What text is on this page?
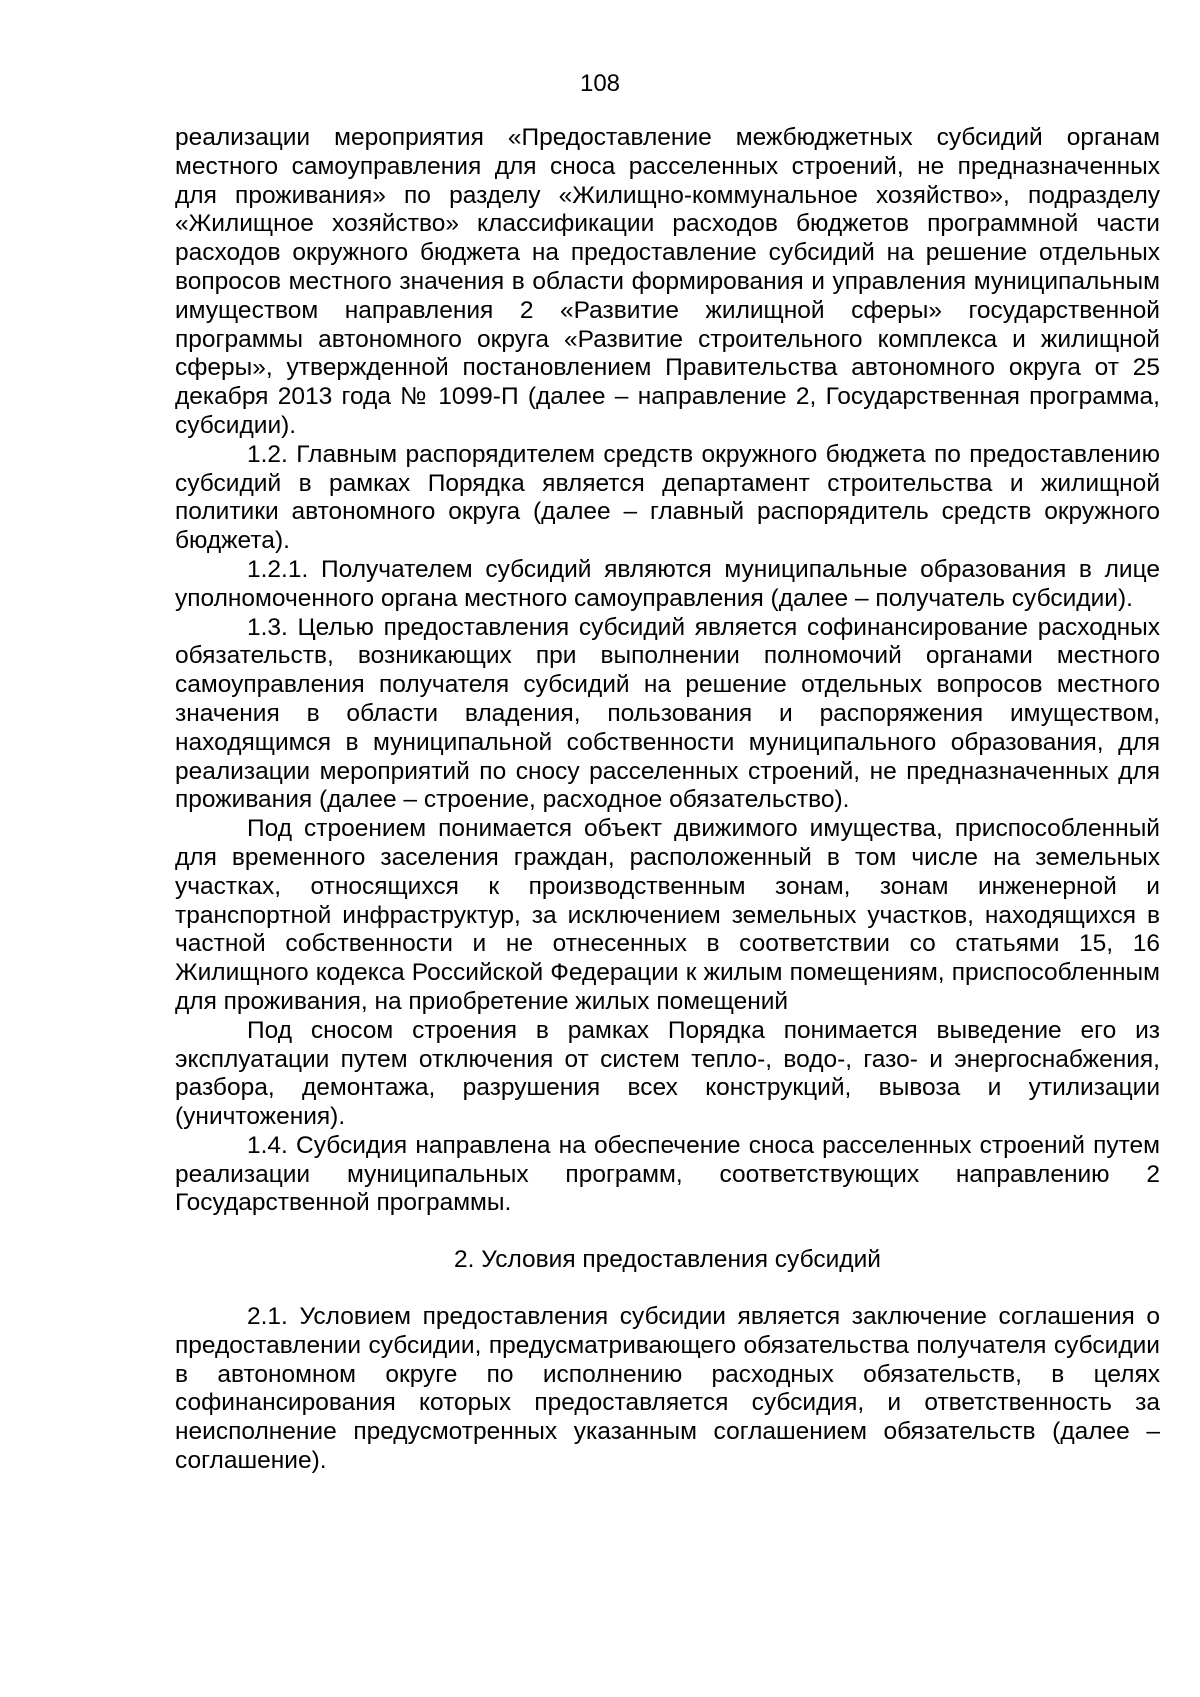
108

реализации мероприятия «Предоставление межбюджетных субсидий органам местного самоуправления для сноса расселенных строений, не предназначенных для проживания» по разделу «Жилищно-коммунальное хозяйство», подразделу «Жилищное хозяйство» классификации расходов бюджетов программной части расходов окружного бюджета на предоставление субсидий на решение отдельных вопросов местного значения в области формирования и управления муниципальным имуществом направления 2 «Развитие жилищной сферы» государственной программы автономного округа «Развитие строительного комплекса и жилищной сферы», утвержденной постановлением Правительства автономного округа от 25 декабря 2013 года № 1099-П (далее – направление 2, Государственная программа, субсидии).

1.2. Главным распорядителем средств окружного бюджета по предоставлению субсидий в рамках Порядка является департамент строительства и жилищной политики автономного округа (далее – главный распорядитель средств окружного бюджета).

1.2.1. Получателем субсидий являются муниципальные образования в лице уполномоченного органа местного самоуправления (далее – получатель субсидии).

1.3. Целью предоставления субсидий является софинансирование расходных обязательств, возникающих при выполнении полномочий органами местного самоуправления получателя субсидий на решение отдельных вопросов местного значения в области владения, пользования и распоряжения имуществом, находящимся в муниципальной собственности муниципального образования, для реализации мероприятий по сносу расселенных строений, не предназначенных для проживания (далее – строение, расходное обязательство).

Под строением понимается объект движимого имущества, приспособленный для временного заселения граждан, расположенный в том числе на земельных участках, относящихся к производственным зонам, зонам инженерной и транспортной инфраструктур, за исключением земельных участков, находящихся в частной собственности и не отнесенных в соответствии со статьями 15, 16 Жилищного кодекса Российской Федерации к жилым помещениям, приспособленным для проживания, на приобретение жилых помещений

Под сносом строения в рамках Порядка понимается выведение его из эксплуатации путем отключения от систем тепло-, водо-, газо- и энергоснабжения, разбора, демонтажа, разрушения всех конструкций, вывоза и утилизации (уничтожения).

1.4. Субсидия направлена на обеспечение сноса расселенных строений путем реализации муниципальных программ, соответствующих направлению 2 Государственной программы.

2. Условия предоставления субсидий

2.1. Условием предоставления субсидии является заключение соглашения о предоставлении субсидии, предусматривающего обязательства получателя субсидии в автономном округе по исполнению расходных обязательств, в целях софинансирования которых предоставляется субсидия, и ответственность за неисполнение предусмотренных указанным соглашением обязательств (далее – соглашение).
